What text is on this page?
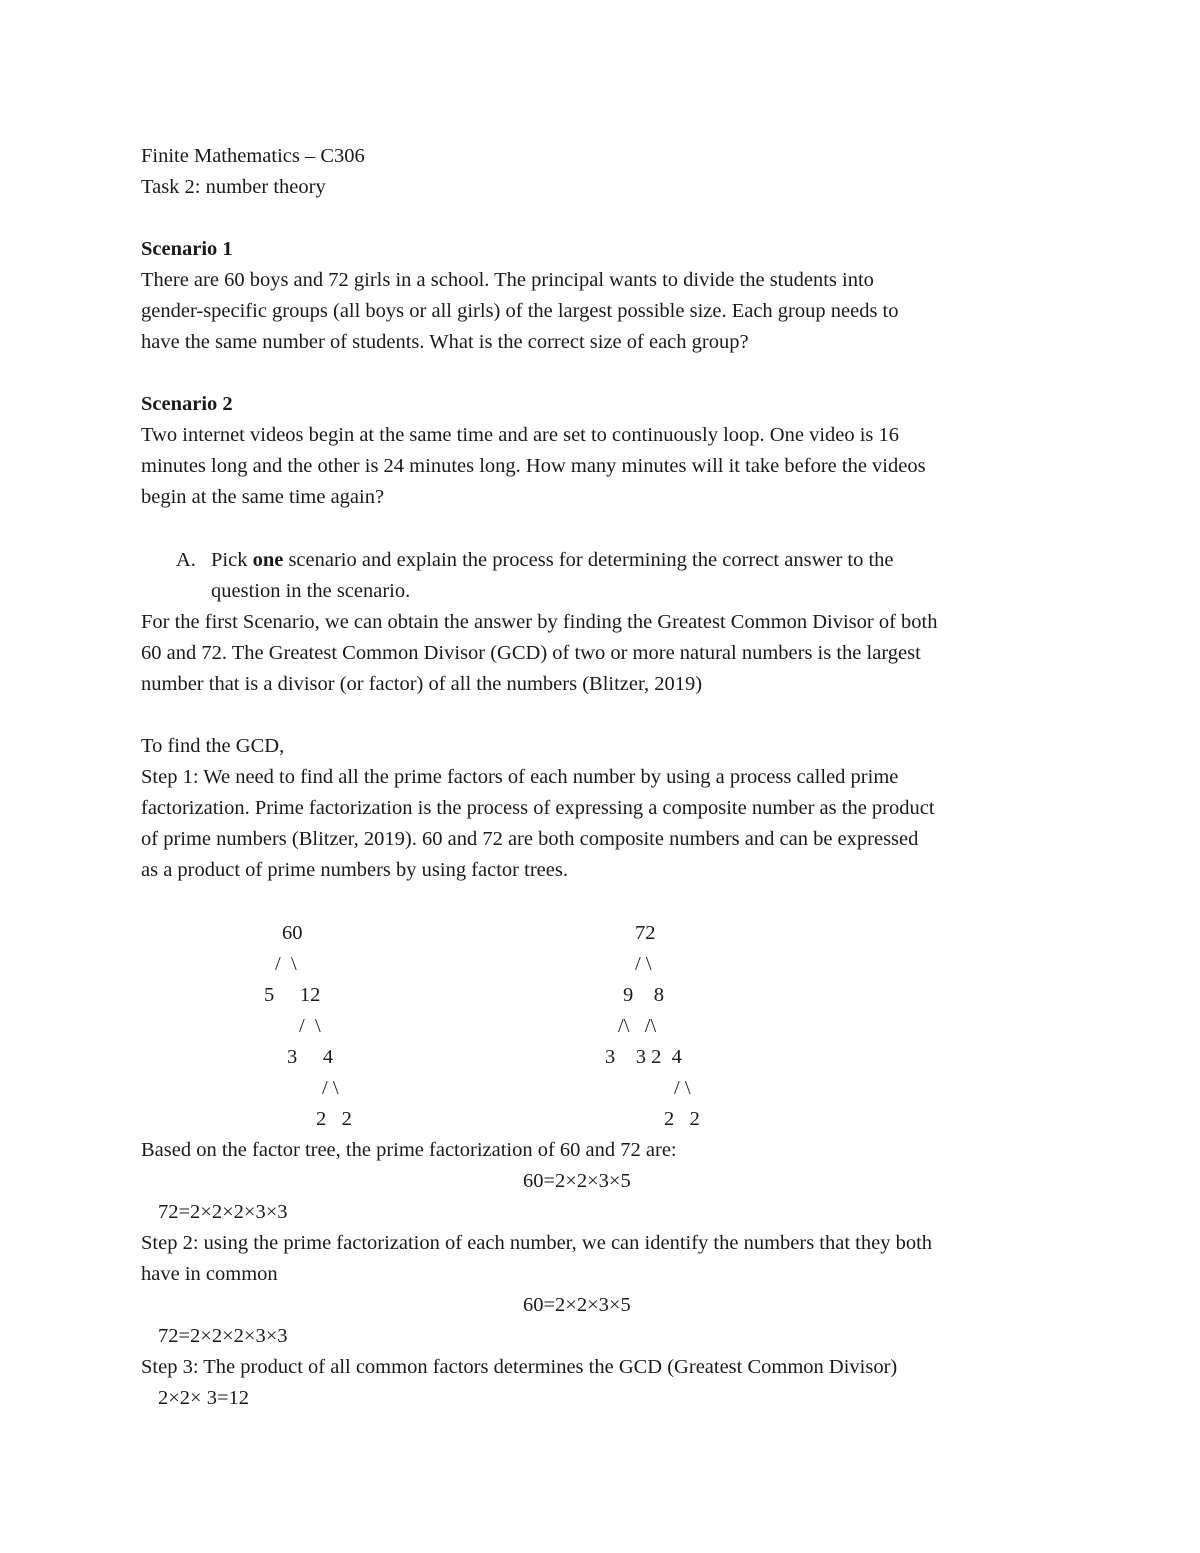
Finite Mathematics – C306
Task 2: number theory
Scenario 1
There are 60 boys and 72 girls in a school. The principal wants to divide the students into
gender-specific groups (all boys or all girls) of the largest possible size. Each group needs to
have the same number of students. What is the correct size of each group?
Scenario 2
Two internet videos begin at the same time and are set to continuously loop. One video is 16
minutes long and the other is 24 minutes long. How many minutes will it take before the videos
begin at the same time again?
A. Pick one scenario and explain the process for determining the correct answer to the
question in the scenario.
For the first Scenario, we can obtain the answer by finding the Greatest Common Divisor of both
60 and 72. The Greatest Common Divisor (GCD) of two or more natural numbers is the largest
number that is a divisor (or factor) of all the numbers (Blitzer, 2019)
To find the GCD,
Step 1: We need to find all the prime factors of each number by using a process called prime
factorization. Prime factorization is the process of expressing a composite number as the product
of prime numbers (Blitzer, 2019). 60 and 72 are both composite numbers and can be expressed
as a product of prime numbers by using factor trees.
60
/  \
5     12
/  \
3     4
/ \
2   2
72
/ \
9    8
/\   /\
3    3 2  4
/ \
2   2
Based on the factor tree, the prime factorization of 60 and 72 are:
60=2×2×3×5
72=2×2×2×3×3
Step 2: using the prime factorization of each number, we can identify the numbers that they both
have in common
60=2×2×3×5
72=2×2×2×3×3
Step 3: The product of all common factors determines the GCD (Greatest Common Divisor)
2×2× 3=12
